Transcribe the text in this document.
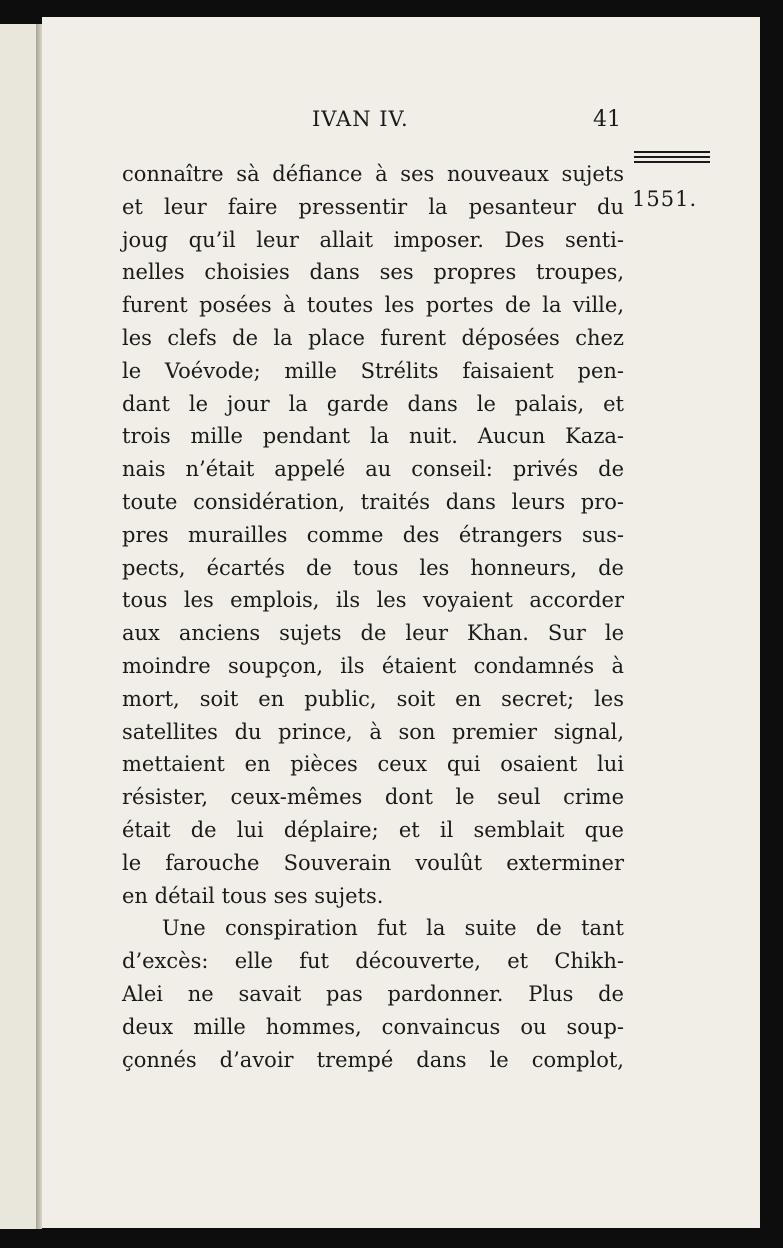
IVAN IV.	41
1551.
connaître sà défiance à ses nouveaux sujets
et leur faire pressentir la pesanteur du
joug qu’il leur allait imposer. Des senti-
nelles choisies dans ses propres troupes,
furent posées à toutes les portes de la ville,
les clefs de la place furent déposées chez
le Voévode; mille Strélits faisaient pen-
dant le jour la garde dans le palais, et
trois mille pendant la nuit. Aucun Kaza-
nais n’était appelé au conseil: privés de
toute considération, traités dans leurs pro-
pres murailles comme des étrangers sus-
pects, écartés de tous les honneurs, de
tous les emplois, ils les voyaient accorder
aux anciens sujets de leur Khan. Sur le
moindre soupçon, ils étaient condamnés à
mort, soit en public, soit en secret; les
satellites du prince, à son premier signal,
mettaient en pièces ceux qui osaient lui
résister, ceux-mêmes dont le seul crime
était de lui déplaire; et il semblait que
le farouche Souverain voulût exterminer
en détail tous ses sujets.
Une conspiration fut la suite de tant
d’excès: elle fut découverte, et Chikh-
Alei ne savait pas pardonner. Plus de
deux mille hommes, convaincus ou soup-
çonnés d’avoir trempé dans le complot,
